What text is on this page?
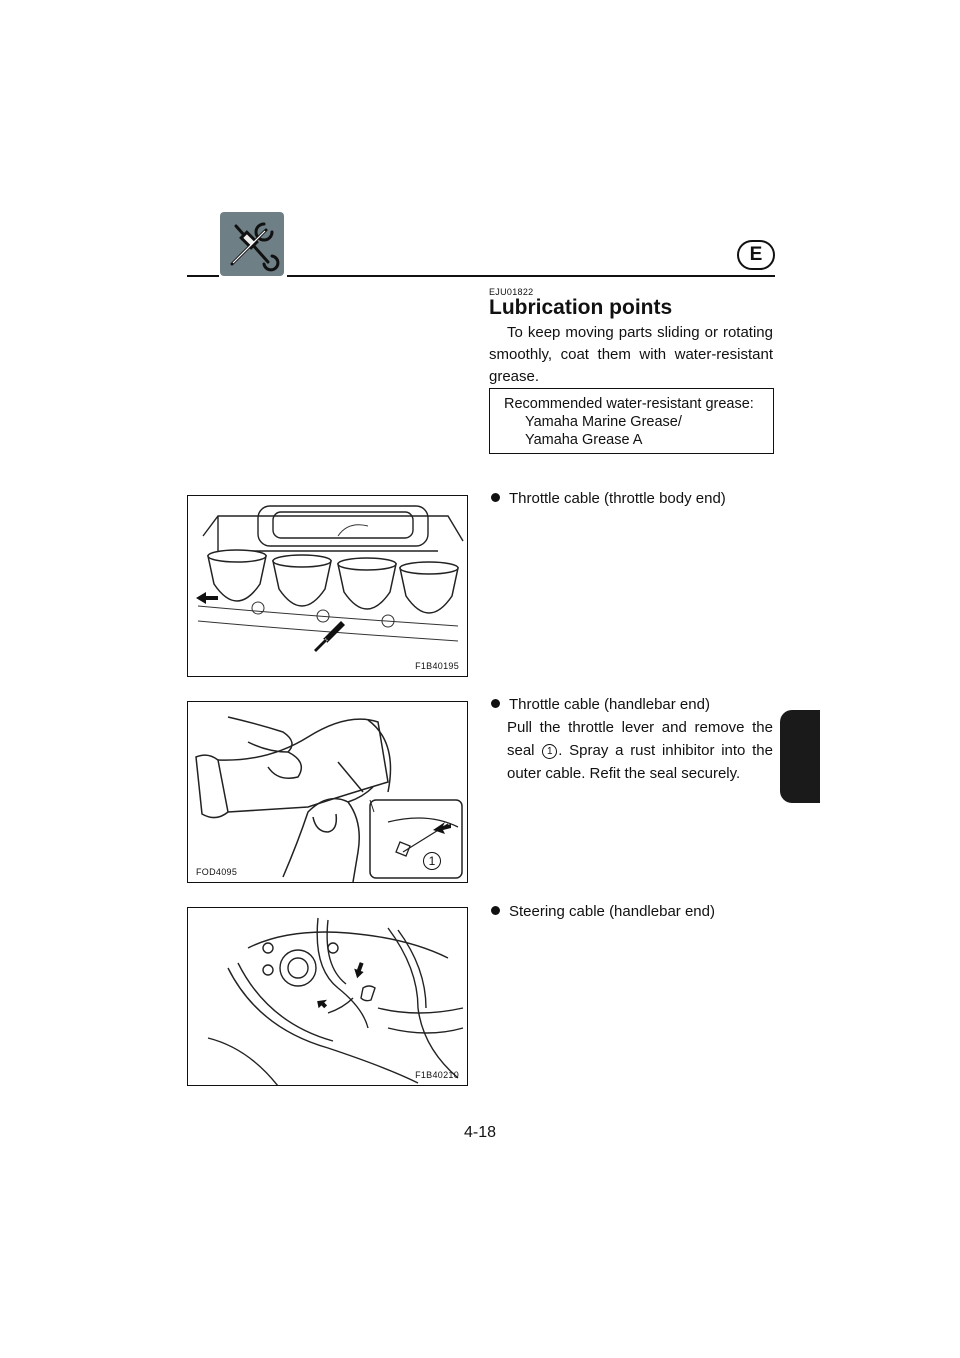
E
EJU01822
Lubrication points

To keep moving parts sliding or rotating smoothly, coat them with water-resistant grease.

Recommended water-resistant grease:
Yamaha Marine Grease/
Yamaha Grease A
Throttle cable (throttle body end)
Throttle cable (handlebar end)

Pull the throttle lever and remove the seal 1 . Spray a rust inhibitor into the outer cable. Refit the seal securely.

Steering cable (handlebar end)
F1B40195
1
FOD4095
F1B40210
4-18
